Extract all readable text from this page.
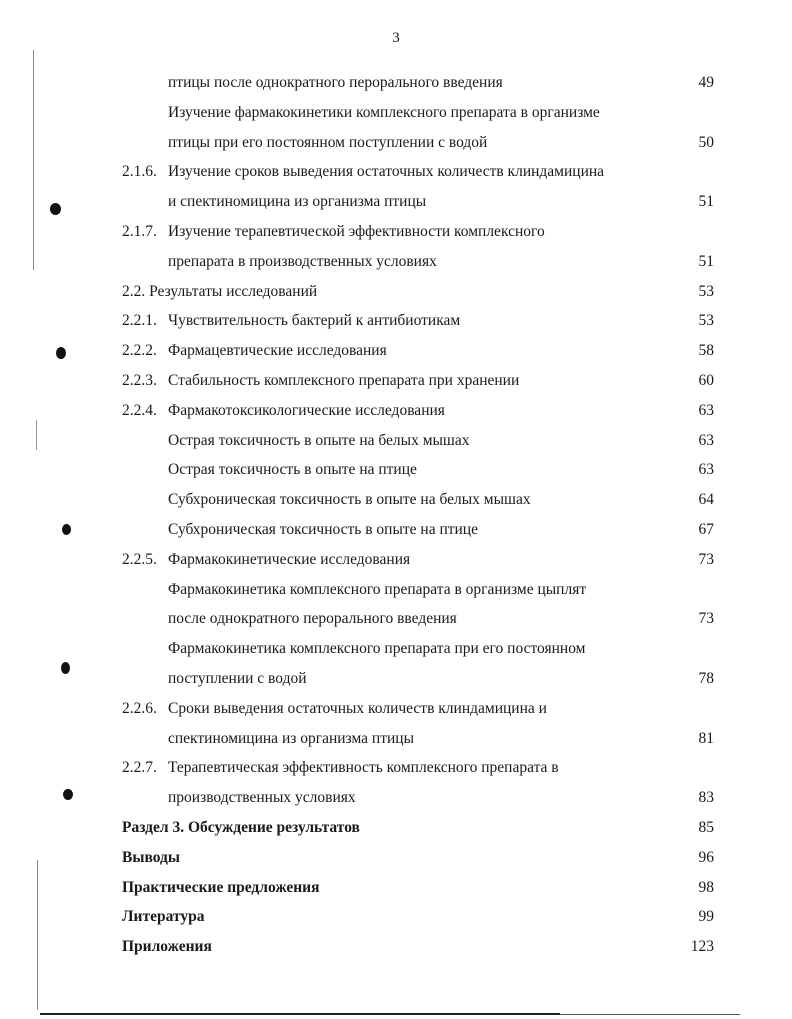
3
птицы после однократного перорального введения	49
Изучение фармакокинетики комплексного препарата в организме
птицы при его постоянном поступлении с водой	50
2.1.6. Изучение сроков выведения остаточных количеств клиндамицина
и спектиномицина из организма птицы	51
2.1.7. Изучение терапевтической эффективности комплексного
препарата в производственных условиях	51
2.2. Результаты исследований	53
2.2.1. Чувствительность бактерий к антибиотикам	53
2.2.2. Фармацевтические исследования	58
2.2.3. Стабильность комплексного препарата при хранении	60
2.2.4. Фармакотоксикологические исследования	63
Острая токсичность в опыте на белых мышах	63
Острая токсичность в опыте на птице	63
Субхроническая токсичность в опыте на белых мышах	64
Субхроническая токсичность в опыте на птице	67
2.2.5. Фармакокинетические исследования	73
Фармакокинетика комплексного препарата в организме цыплят
после однократного перорального введения	73
Фармакокинетика комплексного препарата при его постоянном
поступлении с водой	78
2.2.6. Сроки выведения остаточных количеств клиндамицина и
спектиномицина из организма птицы	81
2.2.7. Терапевтическая эффективность комплексного препарата в
производственных условиях	83
Раздел 3. Обсуждение результатов	85
Выводы	96
Практические предложения	98
Литература	99
Приложения	123
